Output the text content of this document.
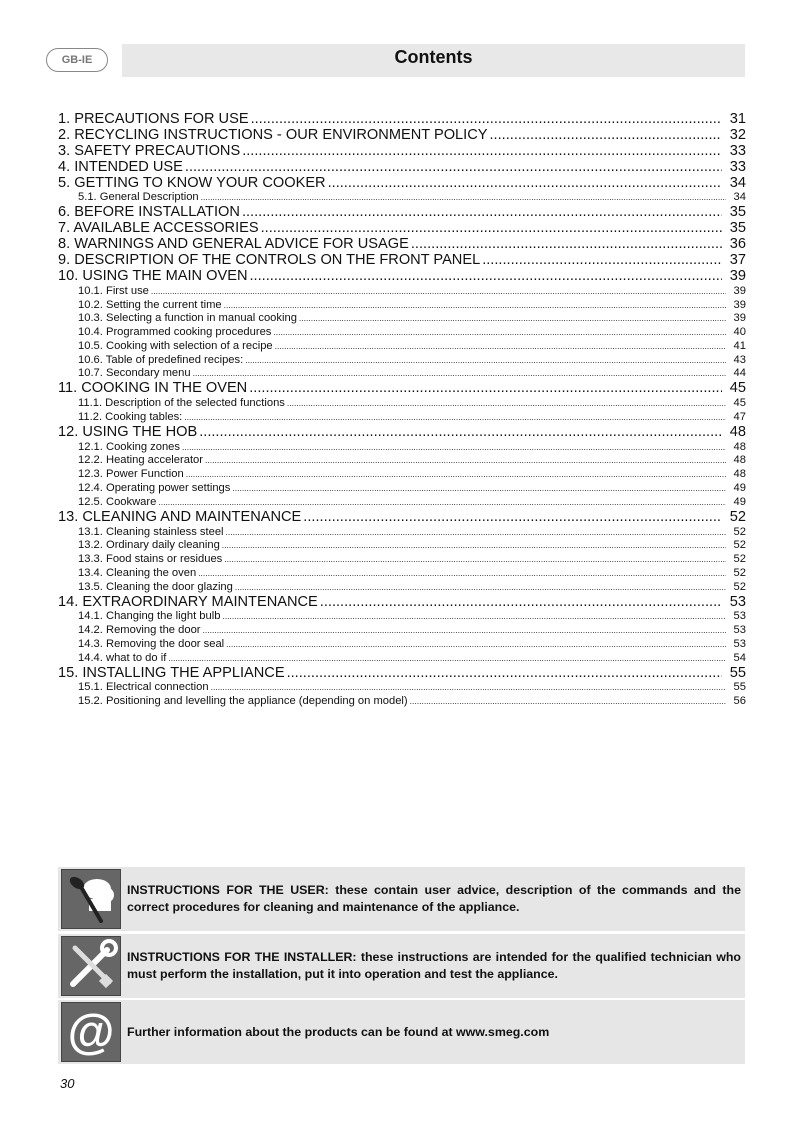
GB-IE	Contents
1. PRECAUTIONS FOR USE .....	31
2. RECYCLING INSTRUCTIONS - OUR ENVIRONMENT POLICY .....	32
3. SAFETY PRECAUTIONS .....	33
4. INTENDED USE .....	33
5. GETTING TO KNOW YOUR COOKER .....	34
5.1. General Description .....	34
6. BEFORE INSTALLATION .....	35
7. AVAILABLE ACCESSORIES .....	35
8. WARNINGS AND GENERAL ADVICE FOR USAGE .....	36
9. DESCRIPTION OF THE CONTROLS ON THE FRONT PANEL .....	37
10. USING THE MAIN OVEN .....	39
10.1. First use .....	39
10.2. Setting the current time .....	39
10.3. Selecting a function in manual cooking .....	39
10.4. Programmed cooking procedures .....	40
10.5. Cooking with selection of a recipe .....	41
10.6. Table of predefined recipes: .....	43
10.7. Secondary menu .....	44
11. COOKING IN THE OVEN .....	45
11.1. Description of the selected functions .....	45
11.2. Cooking tables: .....	47
12. USING THE HOB .....	48
12.1. Cooking zones .....	48
12.2. Heating accelerator .....	48
12.3. Power Function .....	48
12.4. Operating power settings .....	49
12.5. Cookware .....	49
13. CLEANING AND MAINTENANCE .....	52
13.1. Cleaning stainless steel .....	52
13.2. Ordinary daily cleaning .....	52
13.3. Food stains or residues .....	52
13.4. Cleaning the oven .....	52
13.5. Cleaning the door glazing .....	52
14. EXTRAORDINARY MAINTENANCE .....	53
14.1. Changing the light bulb .....	53
14.2. Removing the door .....	53
14.3. Removing the door seal .....	53
14.4. what to do if .....	54
15. INSTALLING THE APPLIANCE .....	55
15.1. Electrical connection .....	55
15.2. Positioning and levelling the appliance (depending on model) .....	56
INSTRUCTIONS FOR THE USER: these contain user advice, description of the commands and the correct procedures for cleaning and maintenance of the appliance.
INSTRUCTIONS FOR THE INSTALLER: these instructions are intended for the qualified technician who must perform the installation, put it into operation and test the appliance.
@	Further information about the products can be found at www.smeg.com
30
